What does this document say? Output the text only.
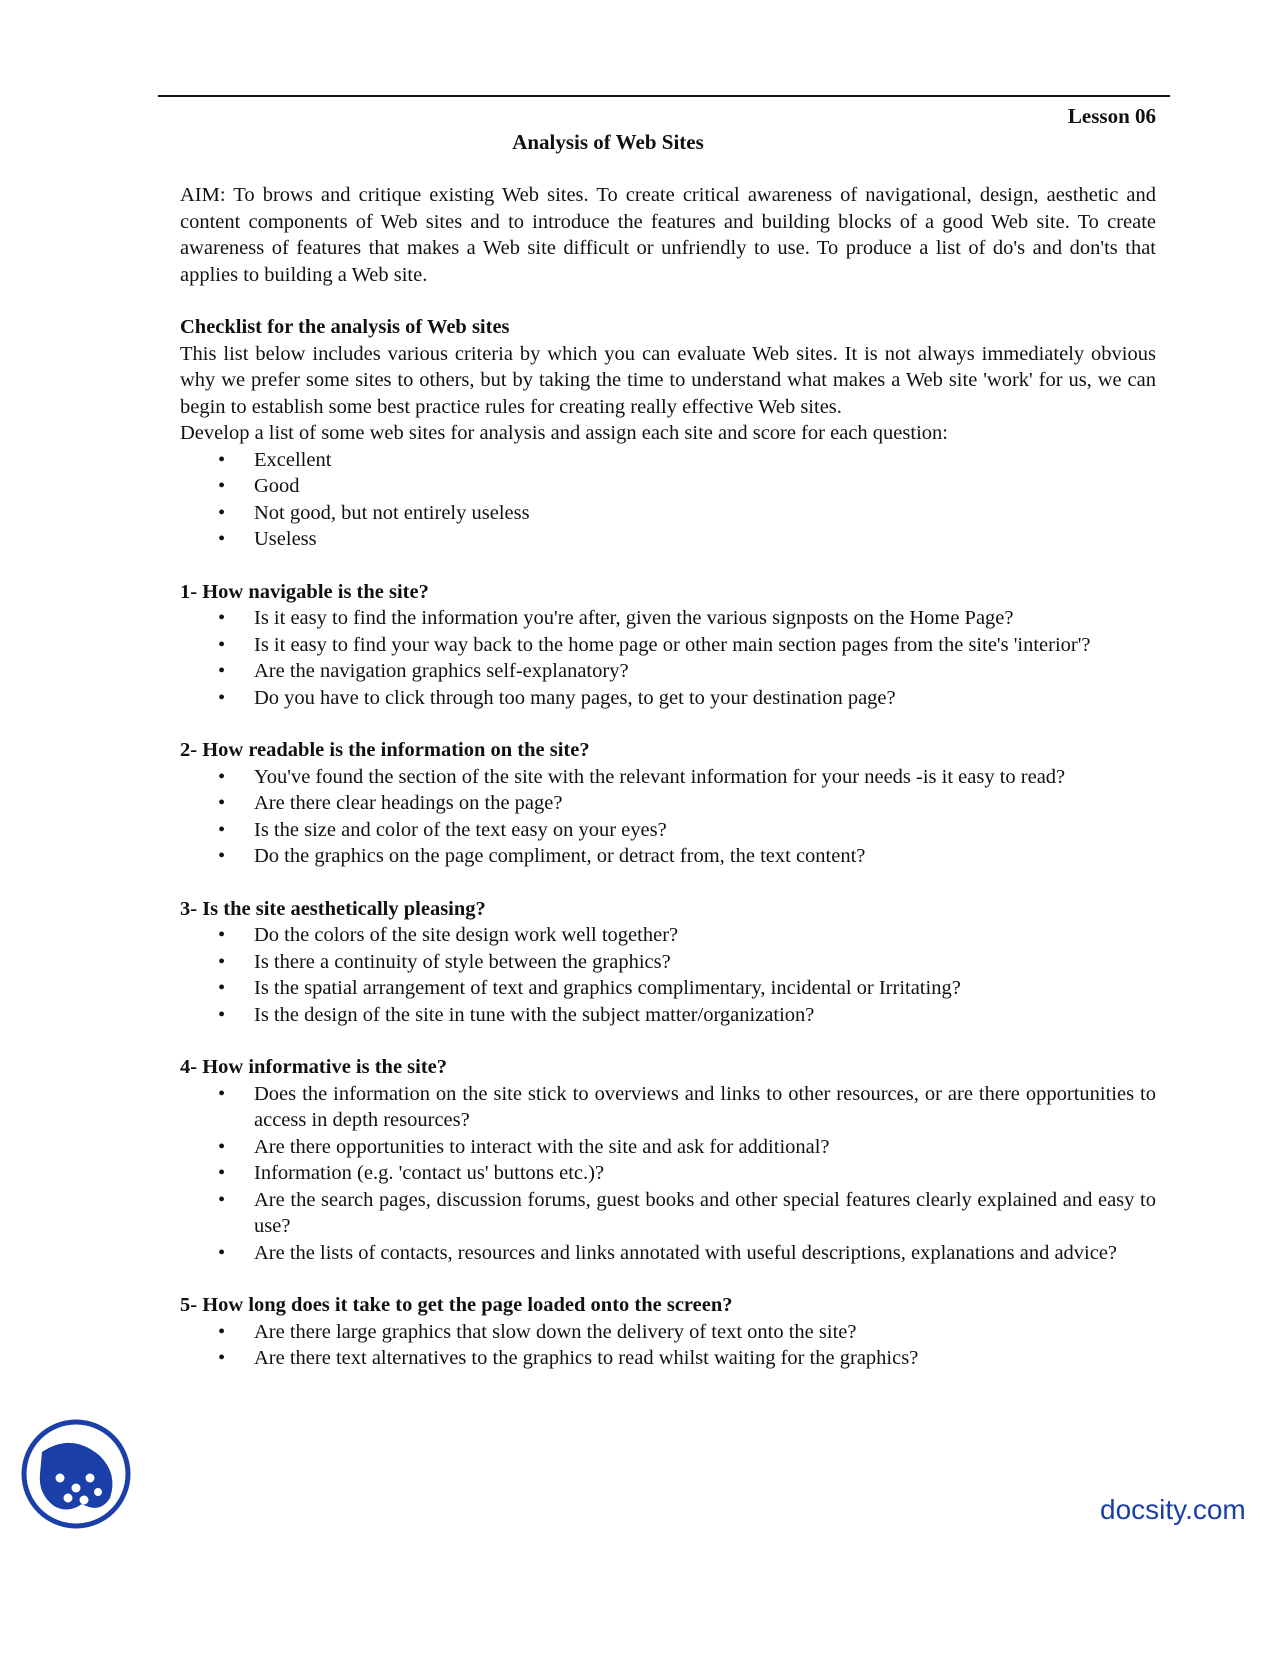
Lesson 06
Analysis of Web Sites

AIM: To brows and critique existing Web sites. To create critical awareness of navigational, design, aesthetic and content components of Web sites and to introduce the features and building blocks of a good Web site. To create awareness of features that makes a Web site difficult or unfriendly to use. To produce a list of do's and don'ts that applies to building a Web site.

Checklist for the analysis of Web sites

This list below includes various criteria by which you can evaluate Web sites. It is not always immediately obvious why we prefer some sites to others, but by taking the time to understand what makes a Web site 'work' for us, we can begin to establish some best practice rules for creating really effective Web sites.

Develop a list of some web sites for analysis and assign each site and score for each question:

• Excellent
• Good
• Not good, but not entirely useless
• Useless

1- How navigable is the site?

• Is it easy to find the information you're after, given the various signposts on the Home Page?
• Is it easy to find your way back to the home page or other main section pages from the site's 'interior'?
• Are the navigation graphics self-explanatory?
• Do you have to click through too many pages, to get to your destination page?

2- How readable is the information on the site?

• You've found the section of the site with the relevant information for your needs -is it easy to read?
• Are there clear headings on the page?
• Is the size and color of the text easy on your eyes?
• Do the graphics on the page compliment, or detract from, the text content?

3- Is the site aesthetically pleasing?

• Do the colors of the site design work well together?
• Is there a continuity of style between the graphics?
• Is the spatial arrangement of text and graphics complimentary, incidental or Irritating?
• Is the design of the site in tune with the subject matter/organization?

4- How informative is the site?

• Does the information on the site stick to overviews and links to other resources, or are there opportunities to access in depth resources?
• Are there opportunities to interact with the site and ask for additional?
• Information (e.g. 'contact us' buttons etc.)?
• Are the search pages, discussion forums, guest books and other special features clearly explained and easy to use?
• Are the lists of contacts, resources and links annotated with useful descriptions, explanations and advice?

5- How long does it take to get the page loaded onto the screen?

• Are there large graphics that slow down the delivery of text onto the site?
• Are there text alternatives to the graphics to read whilst waiting for the graphics?
docsity.com
